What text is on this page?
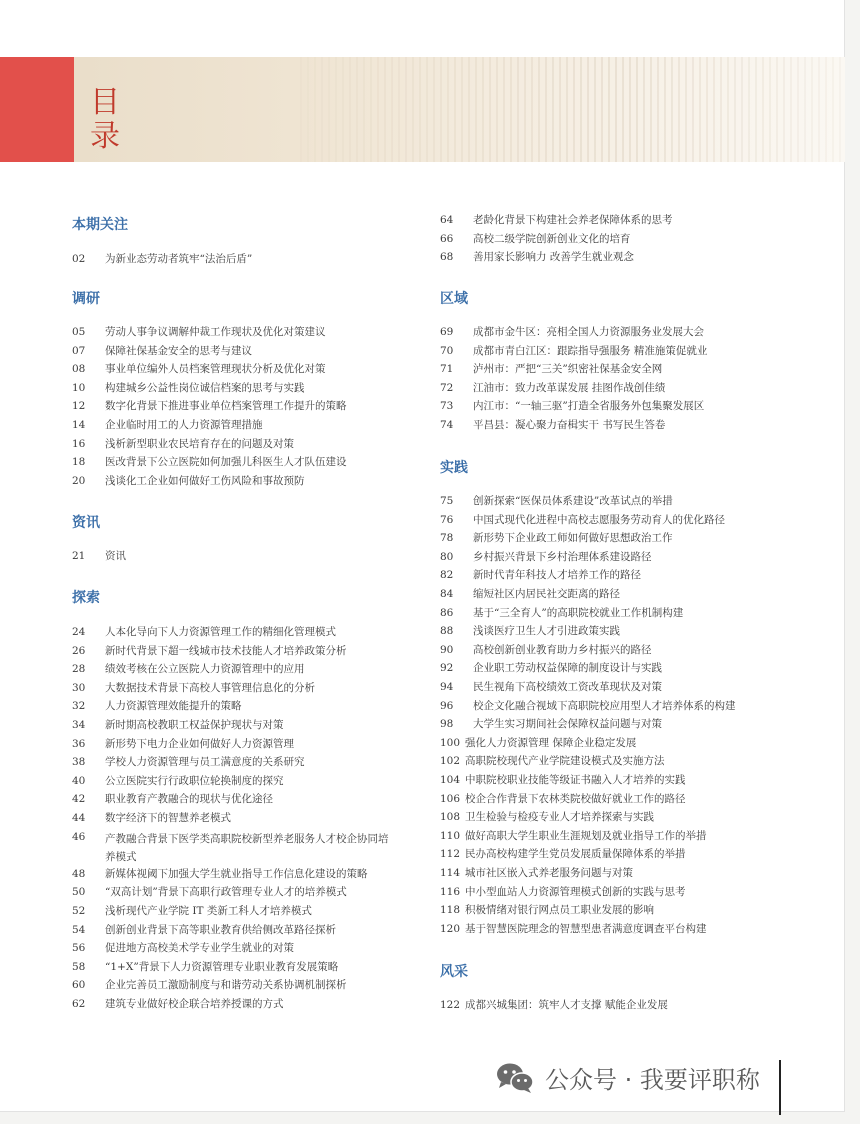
目
录
本期关注
02 为新业态劳动者筑牢“法治后盾”
调研
05 劳动人事争议调解仲裁工作现状及优化对策建议
07 保障社保基金安全的思考与建议
08 事业单位编外人员档案管理现状分析及优化对策
10 构建城乡公益性岗位诚信档案的思考与实践
12 数字化背景下推进事业单位档案管理工作提升的策略
14 企业临时用工的人力资源管理措施
16 浅析新型职业农民培育存在的问题及对策
18 医改背景下公立医院如何加强儿科医生人才队伍建设
20 浅谈化工企业如何做好工伤风险和事故预防
资讯
21 资讯
探索
24 人本化导向下人力资源管理工作的精细化管理模式
26 新时代背景下超一线城市技术技能人才培养政策分析
28 绩效考核在公立医院人力资源管理中的应用
30 大数据技术背景下高校人事管理信息化的分析
32 人力资源管理效能提升的策略
34 新时期高校教职工权益保护现状与对策
36 新形势下电力企业如何做好人力资源管理
38 学校人力资源管理与员工满意度的关系研究
40 公立医院实行行政职位轮换制度的探究
42 职业教育产教融合的现状与优化途径
44 数字经济下的智慧养老模式
46 产教融合背景下医学类高职院校新型养老服务人才校企协同培养模式
48 新媒体视阈下加强大学生就业指导工作信息化建设的策略
50 “双高计划”背景下高职行政管理专业人才的培养模式
52 浅析现代产业学院 IT 类新工科人才培养模式
54 创新创业背景下高等职业教育供给侧改革路径探析
56 促进地方高校美术学专业学生就业的对策
58 “1+X”背景下人力资源管理专业职业教育发展策略
60 企业完善员工激励制度与和谐劳动关系协调机制探析
62 建筑专业做好校企联合培养授课的方式
64 老龄化背景下构建社会养老保障体系的思考
66 高校二级学院创新创业文化的培育
68 善用家长影响力 改善学生就业观念
区域
69 成都市金牛区：亮相全国人力资源服务业发展大会
70 成都市青白江区：跟踪指导强服务 精准施策促就业
71 泸州市：严把“三关”织密社保基金安全网
72 江油市：致力改革谋发展 挂图作战创佳绩
73 内江市：“一轴三驱”打造全省服务外包集聚发展区
74 平昌县：凝心聚力奋楫实干 书写民生答卷
实践
75 创新探索“医保员体系建设”改革试点的举措
76 中国式现代化进程中高校志愿服务劳动育人的优化路径
78 新形势下企业政工师如何做好思想政治工作
80 乡村振兴背景下乡村治理体系建设路径
82 新时代青年科技人才培养工作的路径
84 缩短社区内居民社交距离的路径
86 基于“三全育人”的高职院校就业工作机制构建
88 浅谈医疗卫生人才引进政策实践
90 高校创新创业教育助力乡村振兴的路径
92 企业职工劳动权益保障的制度设计与实践
94 民生视角下高校绩效工资改革现状及对策
96 校企文化融合视域下高职院校应用型人才培养体系的构建
98 大学生实习期间社会保障权益问题与对策
100 强化人力资源管理 保障企业稳定发展
102 高职院校现代产业学院建设模式及实施方法
104 中职院校职业技能等级证书融入人才培养的实践
106 校企合作背景下农林类院校做好就业工作的路径
108 卫生检验与检疫专业人才培养探索与实践
110 做好高职大学生职业生涯规划及就业指导工作的举措
112 民办高校构建学生党员发展质量保障体系的举措
114 城市社区嵌入式养老服务问题与对策
116 中小型血站人力资源管理模式创新的实践与思考
118 积极情绪对银行网点员工职业发展的影响
120 基于智慧医院理念的智慧型患者满意度调查平台构建
风采
122 成都兴城集团：筑牢人才支撑 赋能企业发展
公众号 · 我要评职称
